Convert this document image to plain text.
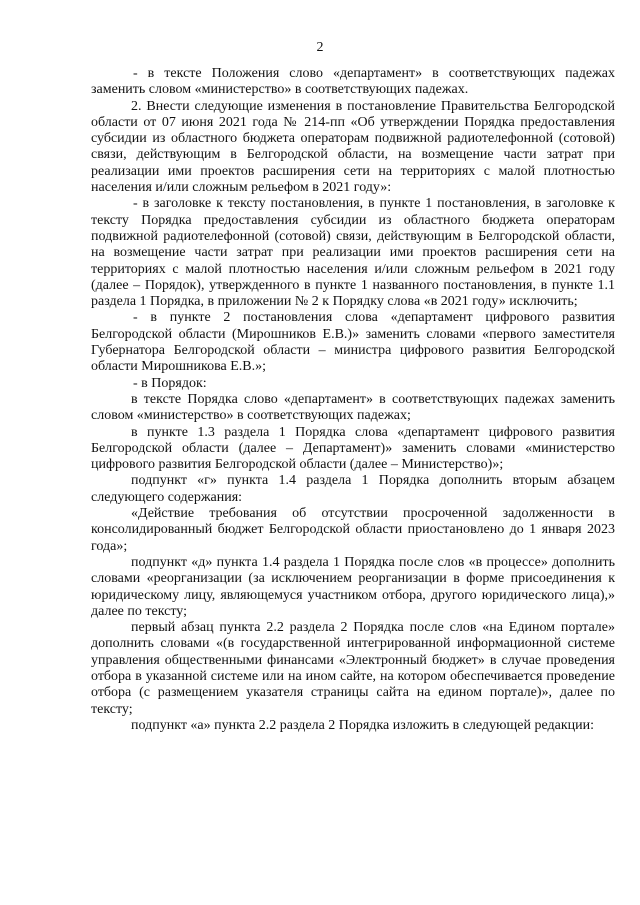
2

- в тексте Положения слово «департамент» в соответствующих падежах заменить словом «министерство» в соответствующих падежах.

2. Внести следующие изменения в постановление Правительства Белгородской области от 07 июня 2021 года № 214-пп «Об утверждении Порядка предоставления субсидии из областного бюджета операторам подвижной радиотелефонной (сотовой) связи, действующим в Белгородской области, на возмещение части затрат при реализации ими проектов расширения сети на территориях с малой плотностью населения и/или сложным рельефом в 2021 году»:

- в заголовке к тексту постановления, в пункте 1 постановления, в заголовке к тексту Порядка предоставления субсидии из областного бюджета операторам подвижной радиотелефонной (сотовой) связи, действующим в Белгородской области, на возмещение части затрат при реализации ими проектов расширения сети на территориях с малой плотностью населения и/или сложным рельефом в 2021 году (далее – Порядок), утвержденного в пункте 1 названного постановления, в пункте 1.1 раздела 1 Порядка, в приложении № 2 к Порядку слова «в 2021 году» исключить;

- в пункте 2 постановления слова «департамент цифрового развития Белгородской области (Мирошников Е.В.)» заменить словами «первого заместителя Губернатора Белгородской области – министра цифрового развития Белгородской области Мирошникова Е.В.»;

- в Порядок:

в тексте Порядка слово «департамент» в соответствующих падежах заменить словом «министерство» в соответствующих падежах;

в пункте 1.3 раздела 1 Порядка слова «департамент цифрового развития Белгородской области (далее – Департамент)» заменить словами «министерство цифрового развития Белгородской области (далее – Министерство)»;

подпункт «г» пункта 1.4 раздела 1 Порядка дополнить вторым абзацем следующего содержания:

«Действие требования об отсутствии просроченной задолженности в консолидированный бюджет Белгородской области приостановлено до 1 января 2023 года»;

подпункт «д» пункта 1.4 раздела 1 Порядка после слов «в процессе» дополнить словами «реорганизации (за исключением реорганизации в форме присоединения к юридическому лицу, являющемуся участником отбора, другого юридического лица),» далее по тексту;

первый абзац пункта 2.2 раздела 2 Порядка после слов «на Едином портале» дополнить словами «(в государственной интегрированной информационной системе управления общественными финансами «Электронный бюджет» в случае проведения отбора в указанной системе или на ином сайте, на котором обеспечивается проведение отбора (с размещением указателя страницы сайта на едином портале)», далее по тексту;

подпункт «а» пункта 2.2 раздела 2 Порядка изложить в следующей редакции:
